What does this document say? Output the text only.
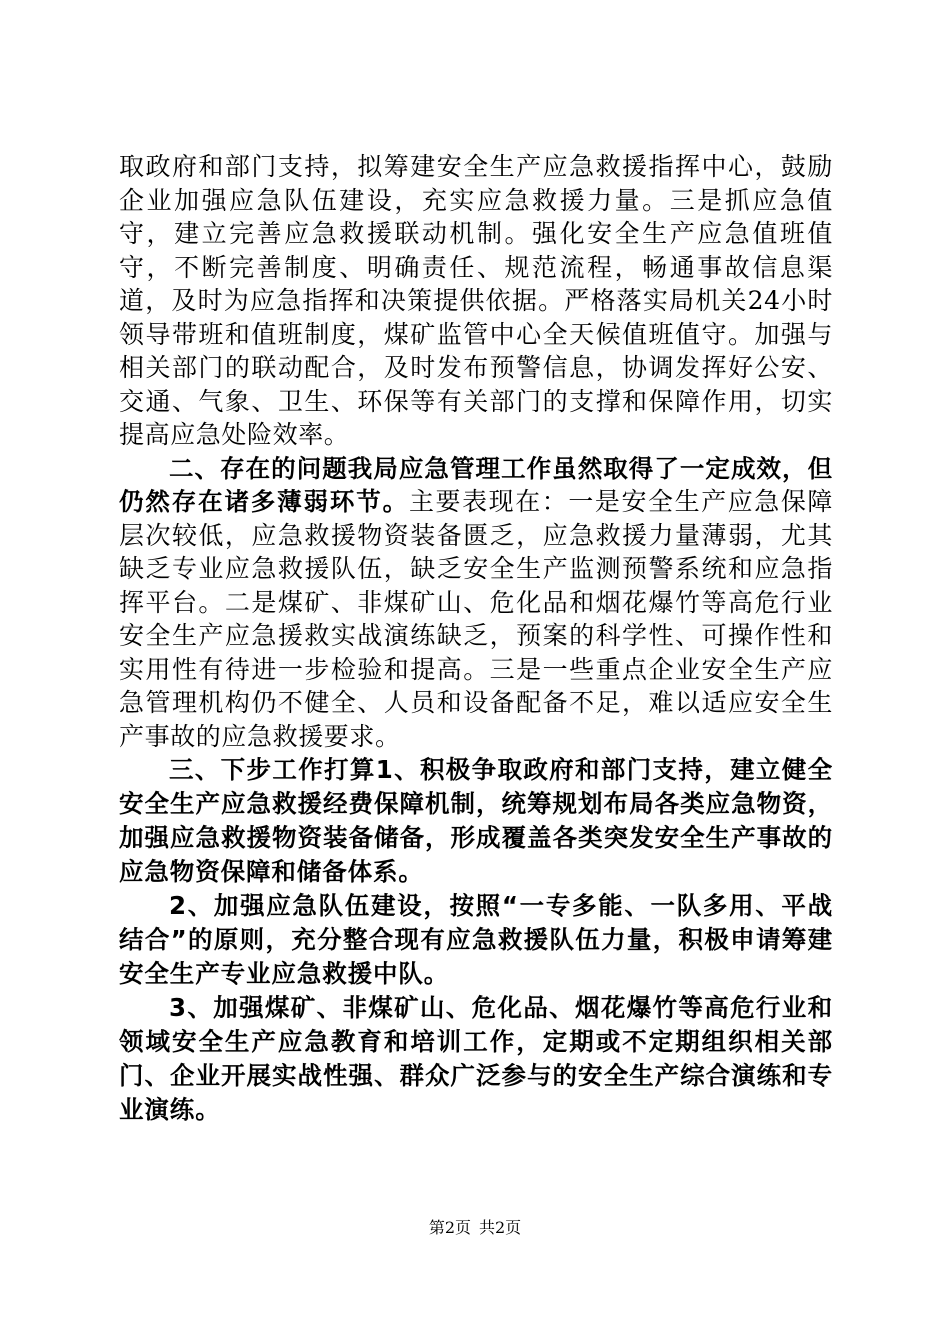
取政府和部门支持，拟筹建安全生产应急救援指挥中心，鼓励企业加强应急队伍建设，充实应急救援力量。三是抓应急值守，建立完善应急救援联动机制。强化安全生产应急值班值守，不断完善制度、明确责任、规范流程，畅通事故信息渠道，及时为应急指挥和决策提供依据。严格落实局机关24小时领导带班和值班制度，煤矿监管中心全天候值班值守。加强与相关部门的联动配合，及时发布预警信息，协调发挥好公安、交通、气象、卫生、环保等有关部门的支撑和保障作用，切实提高应急处险效率。

二、存在的问题我局应急管理工作虽然取得了一定成效，但仍然存在诸多薄弱环节。主要表现在：一是安全生产应急保障层次较低，应急救援物资装备匮乏，应急救援力量薄弱，尤其缺乏专业应急救援队伍，缺乏安全生产监测预警系统和应急指挥平台。二是煤矿、非煤矿山、危化品和烟花爆竹等高危行业安全生产应急援救实战演练缺乏，预案的科学性、可操作性和实用性有待进一步检验和提高。三是一些重点企业安全生产应急管理机构仍不健全、人员和设备配备不足，难以适应安全生产事故的应急救援要求。

三、下步工作打算1、积极争取政府和部门支持，建立健全安全生产应急救援经费保障机制，统筹规划布局各类应急物资，加强应急救援物资装备储备，形成覆盖各类突发安全生产事故的应急物资保障和储备体系。

2、加强应急队伍建设，按照“一专多能、一队多用、平战结合”的原则，充分整合现有应急救援队伍力量，积极申请筹建安全生产专业应急救援中队。

3、加强煤矿、非煤矿山、危化品、烟花爆竹等高危行业和领域安全生产应急教育和培训工作，定期或不定期组织相关部门、企业开展实战性强、群众广泛参与的安全生产综合演练和专业演练。

第2页 共2页
